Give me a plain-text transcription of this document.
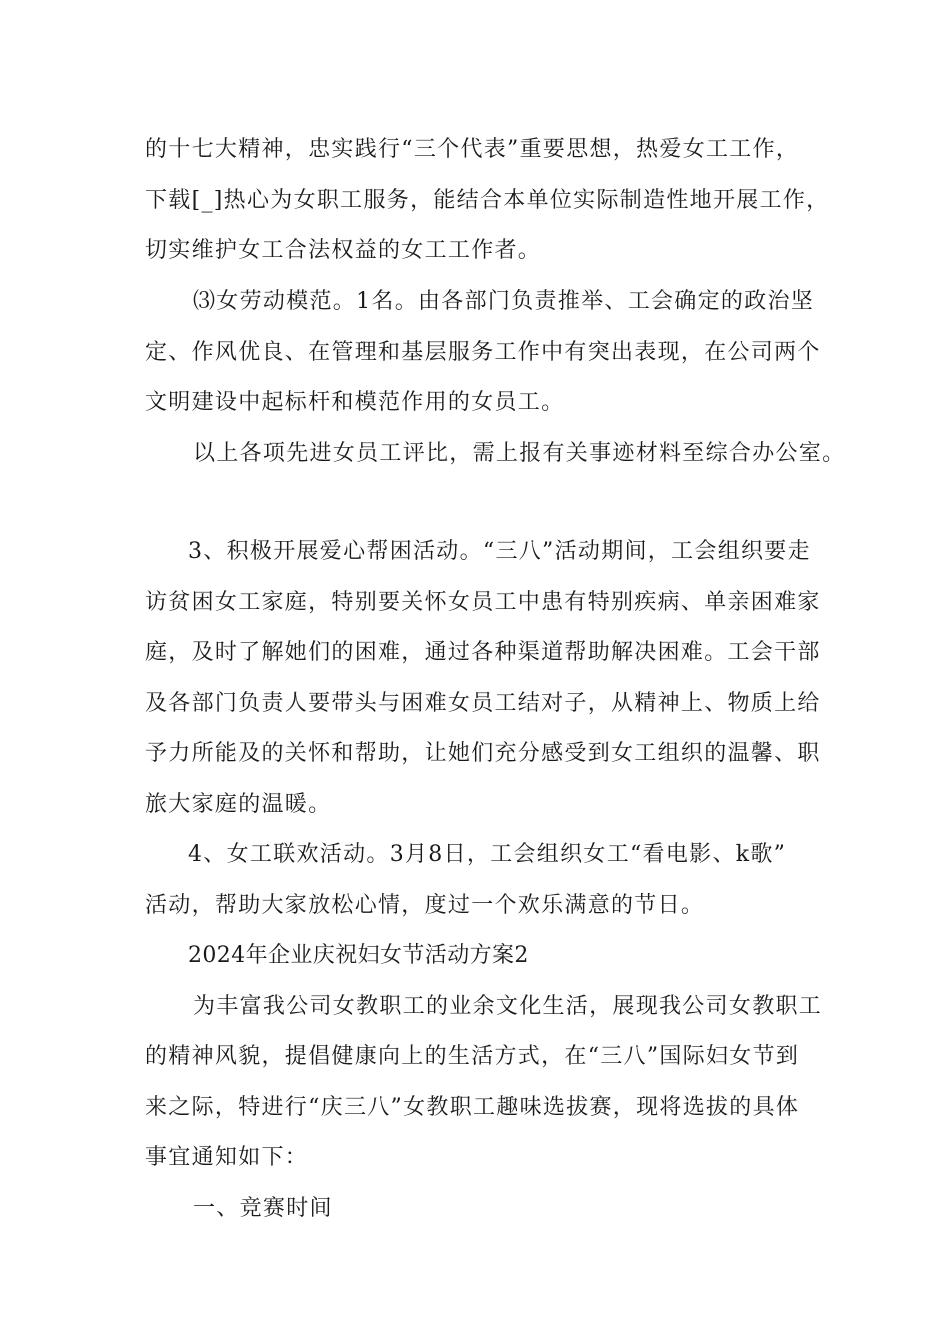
的十七大精神，忠实践行“三个代表”重要思想，热爱女工工作，
下载[_]热心为女职工服务，能结合本单位实际制造性地开展工作，
切实维护女工合法权益的女工工作者。
⑶女劳动模范。1名。由各部门负责推举、工会确定的政治坚
定、作风优良、在管理和基层服务工作中有突出表现，在公司两个
文明建设中起标杆和模范作用的女员工。
以上各项先进女员工评比，需上报有关事迹材料至综合办公室。
3、积极开展爱心帮困活动。“三八”活动期间，工会组织要走
访贫困女工家庭，特别要关怀女员工中患有特别疾病、单亲困难家
庭，及时了解她们的困难，通过各种渠道帮助解决困难。工会干部
及各部门负责人要带头与困难女员工结对子，从精神上、物质上给
予力所能及的关怀和帮助，让她们充分感受到女工组织的温馨、职
旅大家庭的温暖。
4、女工联欢活动。3月8日，工会组织女工“看电影、k歌”
活动，帮助大家放松心情，度过一个欢乐满意的节日。
2024年企业庆祝妇女节活动方案2
为丰富我公司女教职工的业余文化生活，展现我公司女教职工
的精神风貌，提倡健康向上的生活方式，在“三八”国际妇女节到
来之际，特进行“庆三八”女教职工趣味选拔赛，现将选拔的具体
事宜通知如下：
一、竞赛时间
